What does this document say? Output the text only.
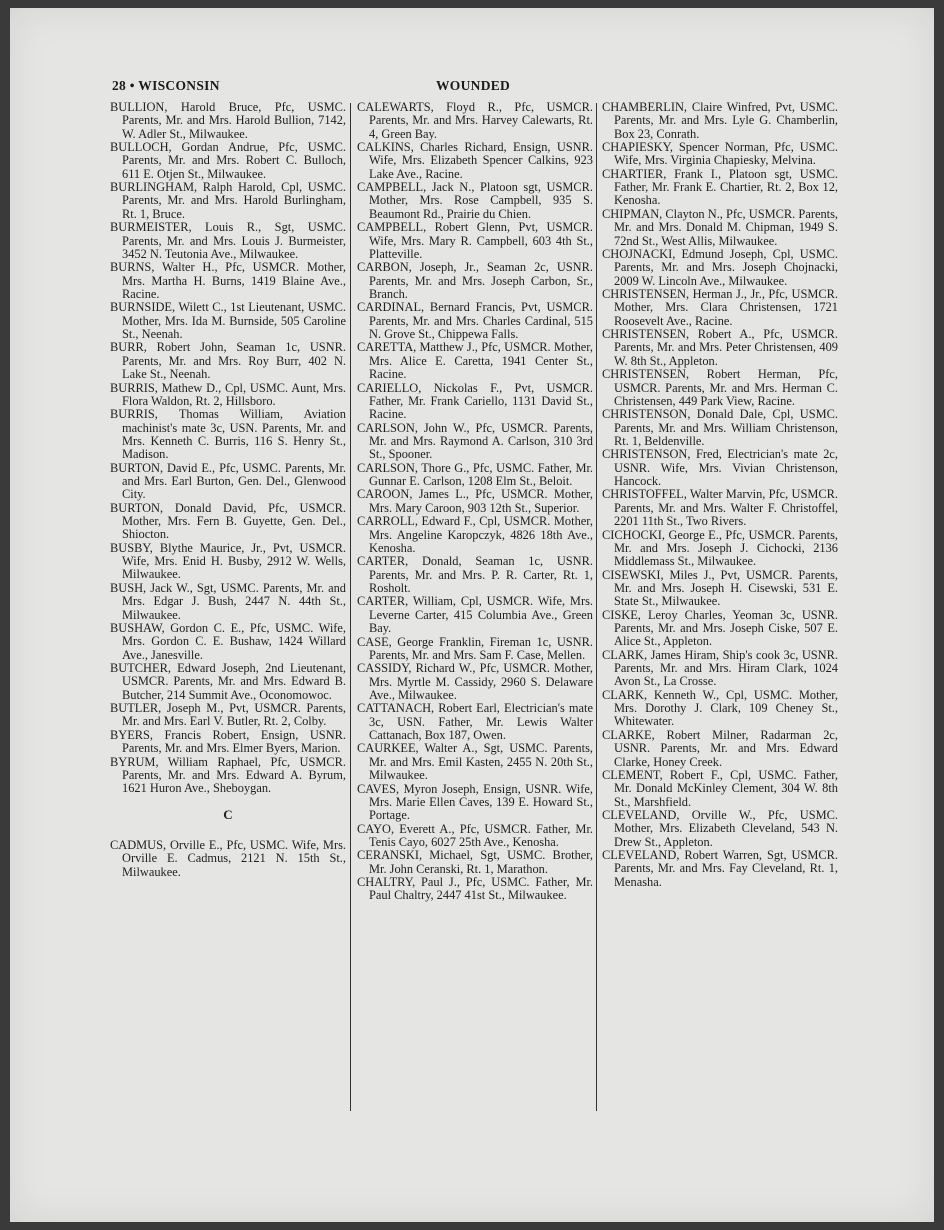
28 • WISCONSIN	WOUNDED

BULLION, Harold Bruce, Pfc, USMC. Parents, Mr. and Mrs. Harold Bullion, 7142, W. Adler St., Milwaukee.

BULLOCH, Gordan Andrue, Pfc, USMC. Parents, Mr. and Mrs. Robert C. Bulloch, 611 E. Otjen St., Milwaukee.

BURLINGHAM, Ralph Harold, Cpl, USMC. Parents, Mr. and Mrs. Harold Burlingham, Rt. 1, Bruce.

BURMEISTER, Louis R., Sgt, USMC. Parents, Mr. and Mrs. Louis J. Burmeister, 3452 N. Teutonia Ave., Milwaukee.

BURNS, Walter H., Pfc, USMCR. Mother, Mrs. Martha H. Burns, 1419 Blaine Ave., Racine.

BURNSIDE, Wilett C., 1st Lieutenant, USMC. Mother, Mrs. Ida M. Burnside, 505 Caroline St., Neenah.

BURR, Robert John, Seaman 1c, USNR. Parents, Mr. and Mrs. Roy Burr, 402 N. Lake St., Neenah.

BURRIS, Mathew D., Cpl, USMC. Aunt, Mrs. Flora Waldon, Rt. 2, Hillsboro.

BURRIS, Thomas William, Aviation machinist's mate 3c, USN. Parents, Mr. and Mrs. Kenneth C. Burris, 116 S. Henry St., Madison.

BURTON, David E., Pfc, USMC. Parents, Mr. and Mrs. Earl Burton, Gen. Del., Glenwood City.

BURTON, Donald David, Pfc, USMCR. Mother, Mrs. Fern B. Guyette, Gen. Del., Shiocton.

BUSBY, Blythe Maurice, Jr., Pvt, USMCR. Wife, Mrs. Enid H. Busby, 2912 W. Wells, Milwaukee.

BUSH, Jack W., Sgt, USMC. Parents, Mr. and Mrs. Edgar J. Bush, 2447 N. 44th St., Milwaukee.

BUSHAW, Gordon C. E., Pfc, USMC. Wife, Mrs. Gordon C. E. Bushaw, 1424 Willard Ave., Janesville.

BUTCHER, Edward Joseph, 2nd Lieutenant, USMCR. Parents, Mr. and Mrs. Edward B. Butcher, 214 Summit Ave., Oconomowoc.

BUTLER, Joseph M., Pvt, USMCR. Parents, Mr. and Mrs. Earl V. Butler, Rt. 2, Colby.

BYERS, Francis Robert, Ensign, USNR. Parents, Mr. and Mrs. Elmer Byers, Marion.

BYRUM, William Raphael, Pfc, USMCR. Parents, Mr. and Mrs. Edward A. Byrum, 1621 Huron Ave., Sheboygan.

C

CADMUS, Orville E., Pfc, USMC. Wife, Mrs. Orville E. Cadmus, 2121 N. 15th St., Milwaukee.

CALEWARTS, Floyd R., Pfc, USMCR. Parents, Mr. and Mrs. Harvey Calewarts, Rt. 4, Green Bay.

CALKINS, Charles Richard, Ensign, USNR. Wife, Mrs. Elizabeth Spencer Calkins, 923 Lake Ave., Racine.

CAMPBELL, Jack N., Platoon sgt, USMCR. Mother, Mrs. Rose Campbell, 935 S. Beaumont Rd., Prairie du Chien.

CAMPBELL, Robert Glenn, Pvt, USMCR. Wife, Mrs. Mary R. Campbell, 603 4th St., Platteville.

CARBON, Joseph, Jr., Seaman 2c, USNR. Parents, Mr. and Mrs. Joseph Carbon, Sr., Branch.

CARDINAL, Bernard Francis, Pvt, USMCR. Parents, Mr. and Mrs. Charles Cardinal, 515 N. Grove St., Chippewa Falls.

CARETTA, Matthew J., Pfc, USMCR. Mother, Mrs. Alice E. Caretta, 1941 Center St., Racine.

CARIELLO, Nickolas F., Pvt, USMCR. Father, Mr. Frank Cariello, 1131 David St., Racine.

CARLSON, John W., Pfc, USMCR. Parents, Mr. and Mrs. Raymond A. Carlson, 310 3rd St., Spooner.

CARLSON, Thore G., Pfc, USMC. Father, Mr. Gunnar E. Carlson, 1208 Elm St., Beloit.

CAROON, James L., Pfc, USMCR. Mother, Mrs. Mary Caroon, 903 12th St., Superior.

CARROLL, Edward F., Cpl, USMCR. Mother, Mrs. Angeline Karopczyk, 4826 18th Ave., Kenosha.

CARTER, Donald, Seaman 1c, USNR. Parents, Mr. and Mrs. P. R. Carter, Rt. 1, Rosholt.

CARTER, William, Cpl, USMCR. Wife, Mrs. Leverne Carter, 415 Columbia Ave., Green Bay.

CASE, George Franklin, Fireman 1c, USNR. Parents, Mr. and Mrs. Sam F. Case, Mellen.

CASSIDY, Richard W., Pfc, USMCR. Mother, Mrs. Myrtle M. Cassidy, 2960 S. Delaware Ave., Milwaukee.

CATTANACH, Robert Earl, Electrician's mate 3c, USN. Father, Mr. Lewis Walter Cattanach, Box 187, Owen.

CAURKEE, Walter A., Sgt, USMC. Parents, Mr. and Mrs. Emil Kasten, 2455 N. 20th St., Milwaukee.

CAVES, Myron Joseph, Ensign, USNR. Wife, Mrs. Marie Ellen Caves, 139 E. Howard St., Portage.

CAYO, Everett A., Pfc, USMCR. Father, Mr. Tenis Cayo, 6027 25th Ave., Kenosha.

CERANSKI, Michael, Sgt, USMC. Brother, Mr. John Ceranski, Rt. 1, Marathon.

CHALTRY, Paul J., Pfc, USMC. Father, Mr. Paul Chaltry, 2447 41st St., Milwaukee.

CHAMBERLIN, Claire Winfred, Pvt, USMC. Parents, Mr. and Mrs. Lyle G. Chamberlin, Box 23, Conrath.

CHAPIESKY, Spencer Norman, Pfc, USMC. Wife, Mrs. Virginia Chapiesky, Melvina.

CHARTIER, Frank I., Platoon sgt, USMC. Father, Mr. Frank E. Chartier, Rt. 2, Box 12, Kenosha.

CHIPMAN, Clayton N., Pfc, USMCR. Parents, Mr. and Mrs. Donald M. Chipman, 1949 S. 72nd St., West Allis, Milwaukee.

CHOJNACKI, Edmund Joseph, Cpl, USMC. Parents, Mr. and Mrs. Joseph Chojnacki, 2009 W. Lincoln Ave., Milwaukee.

CHRISTENSEN, Herman J., Jr., Pfc, USMCR. Mother, Mrs. Clara Christensen, 1721 Roosevelt Ave., Racine.

CHRISTENSEN, Robert A., Pfc, USMCR. Parents, Mr. and Mrs. Peter Christensen, 409 W. 8th St., Appleton.

CHRISTENSEN, Robert Herman, Pfc, USMCR. Parents, Mr. and Mrs. Herman C. Christensen, 449 Park View, Racine.

CHRISTENSON, Donald Dale, Cpl, USMC. Parents, Mr. and Mrs. William Christenson, Rt. 1, Beldenville.

CHRISTENSON, Fred, Electrician's mate 2c, USNR. Wife, Mrs. Vivian Christenson, Hancock.

CHRISTOFFEL, Walter Marvin, Pfc, USMCR. Parents, Mr. and Mrs. Walter F. Christoffel, 2201 11th St., Two Rivers.

CICHOCKI, George E., Pfc, USMCR. Parents, Mr. and Mrs. Joseph J. Cichocki, 2136 Middlemass St., Milwaukee.

CISEWSKI, Miles J., Pvt, USMCR. Parents, Mr. and Mrs. Joseph H. Cisewski, 531 E. State St., Milwaukee.

CISKE, Leroy Charles, Yeoman 3c, USNR. Parents, Mr. and Mrs. Joseph Ciske, 507 E. Alice St., Appleton.

CLARK, James Hiram, Ship's cook 3c, USNR. Parents, Mr. and Mrs. Hiram Clark, 1024 Avon St., La Crosse.

CLARK, Kenneth W., Cpl, USMC. Mother, Mrs. Dorothy J. Clark, 109 Cheney St., Whitewater.

CLARKE, Robert Milner, Radarman 2c, USNR. Parents, Mr. and Mrs. Edward Clarke, Honey Creek.

CLEMENT, Robert F., Cpl, USMC. Father, Mr. Donald McKinley Clement, 304 W. 8th St., Marshfield.

CLEVELAND, Orville W., Pfc, USMC. Mother, Mrs. Elizabeth Cleveland, 543 N. Drew St., Appleton.

CLEVELAND, Robert Warren, Sgt, USMCR. Parents, Mr. and Mrs. Fay Cleveland, Rt. 1, Menasha.
